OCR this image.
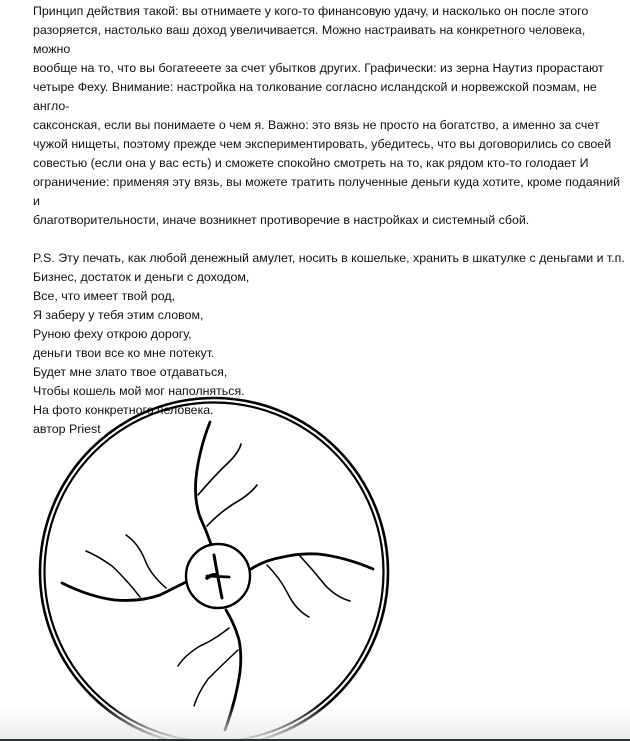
Принцип действия такой: вы отнимаете у кого-то финансовую удачу, и насколько он после этого
разоряется, настолько ваш доход увеличивается. Можно настраивать на конкретного человека, можно
вообще на то, что вы богатееете за счет убытков других. Графически: из зерна Наутиз прорастают
четыре Феху. Внимание: настройка на толкование согласно исландской и норвежской поэмам, не англо-
саксонская, если вы понимаете о чем я. Важно: это вязь не просто на богатство, а именно за счет
чужой нищеты, поэтому прежде чем экспериментировать, убедитесь, что вы договорились со своей
совестью (если она у вас есть) и сможете спокойно смотреть на то, как рядом кто-то голодает И
ограничение: применяя эту вязь, вы можете тратить полученные деньги куда хотите, кроме подаяний и
благотворительности, иначе возникнет противоречие в настройках и системный сбой.

P.S. Эту печать, как любой денежный амулет, носить в кошельке, хранить в шкатулке с деньгами и т.п.
Бизнес, достаток и деньги с доходом,
Все, что имеет твой род,
Я заберу у тебя этим словом,
Руною феху открою дорогу,
деньги твои все ко мне потекут.
Будет мне злато твое отдаваться,
Чтобы кошель мой мог наполняться.
На фото конкретного человека.
автор Priest
